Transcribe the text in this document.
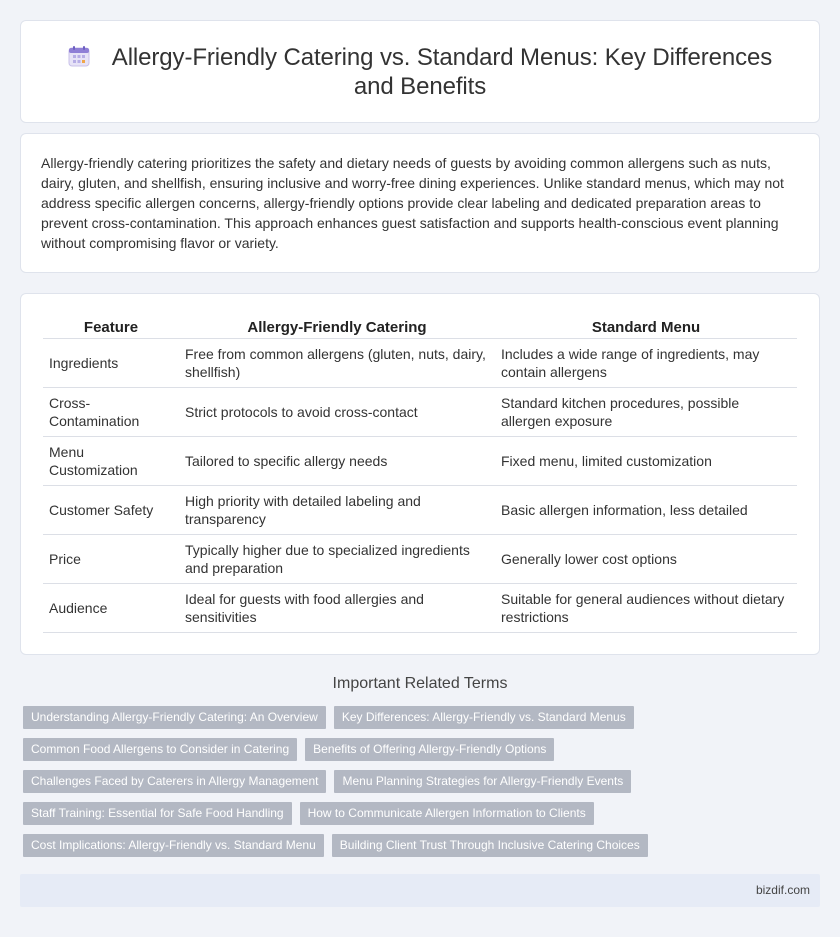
Allergy-Friendly Catering vs. Standard Menus: Key Differences and Benefits

Allergy-friendly catering prioritizes the safety and dietary needs of guests by avoiding common allergens such as nuts, dairy, gluten, and shellfish, ensuring inclusive and worry-free dining experiences. Unlike standard menus, which may not address specific allergen concerns, allergy-friendly options provide clear labeling and dedicated preparation areas to prevent cross-contamination. This approach enhances guest satisfaction and supports health-conscious event planning without compromising flavor or variety.

Feature	Allergy-Friendly Catering	Standard Menu
Ingredients	Free from common allergens (gluten, nuts, dairy, shellfish)	Includes a wide range of ingredients, may contain allergens
Cross-Contamination	Strict protocols to avoid cross-contact	Standard kitchen procedures, possible allergen exposure
Menu Customization	Tailored to specific allergy needs	Fixed menu, limited customization
Customer Safety	High priority with detailed labeling and transparency	Basic allergen information, less detailed
Price	Typically higher due to specialized ingredients and preparation	Generally lower cost options
Audience	Ideal for guests with food allergies and sensitivities	Suitable for general audiences without dietary restrictions
Important Related Terms
Understanding Allergy-Friendly Catering: An Overview	Key Differences: Allergy-Friendly vs. Standard Menus
Common Food Allergens to Consider in Catering	Benefits of Offering Allergy-Friendly Options
Challenges Faced by Caterers in Allergy Management	Menu Planning Strategies for Allergy-Friendly Events
Staff Training: Essential for Safe Food Handling	How to Communicate Allergen Information to Clients
Cost Implications: Allergy-Friendly vs. Standard Menu	Building Client Trust Through Inclusive Catering Choices
bizdif.com
